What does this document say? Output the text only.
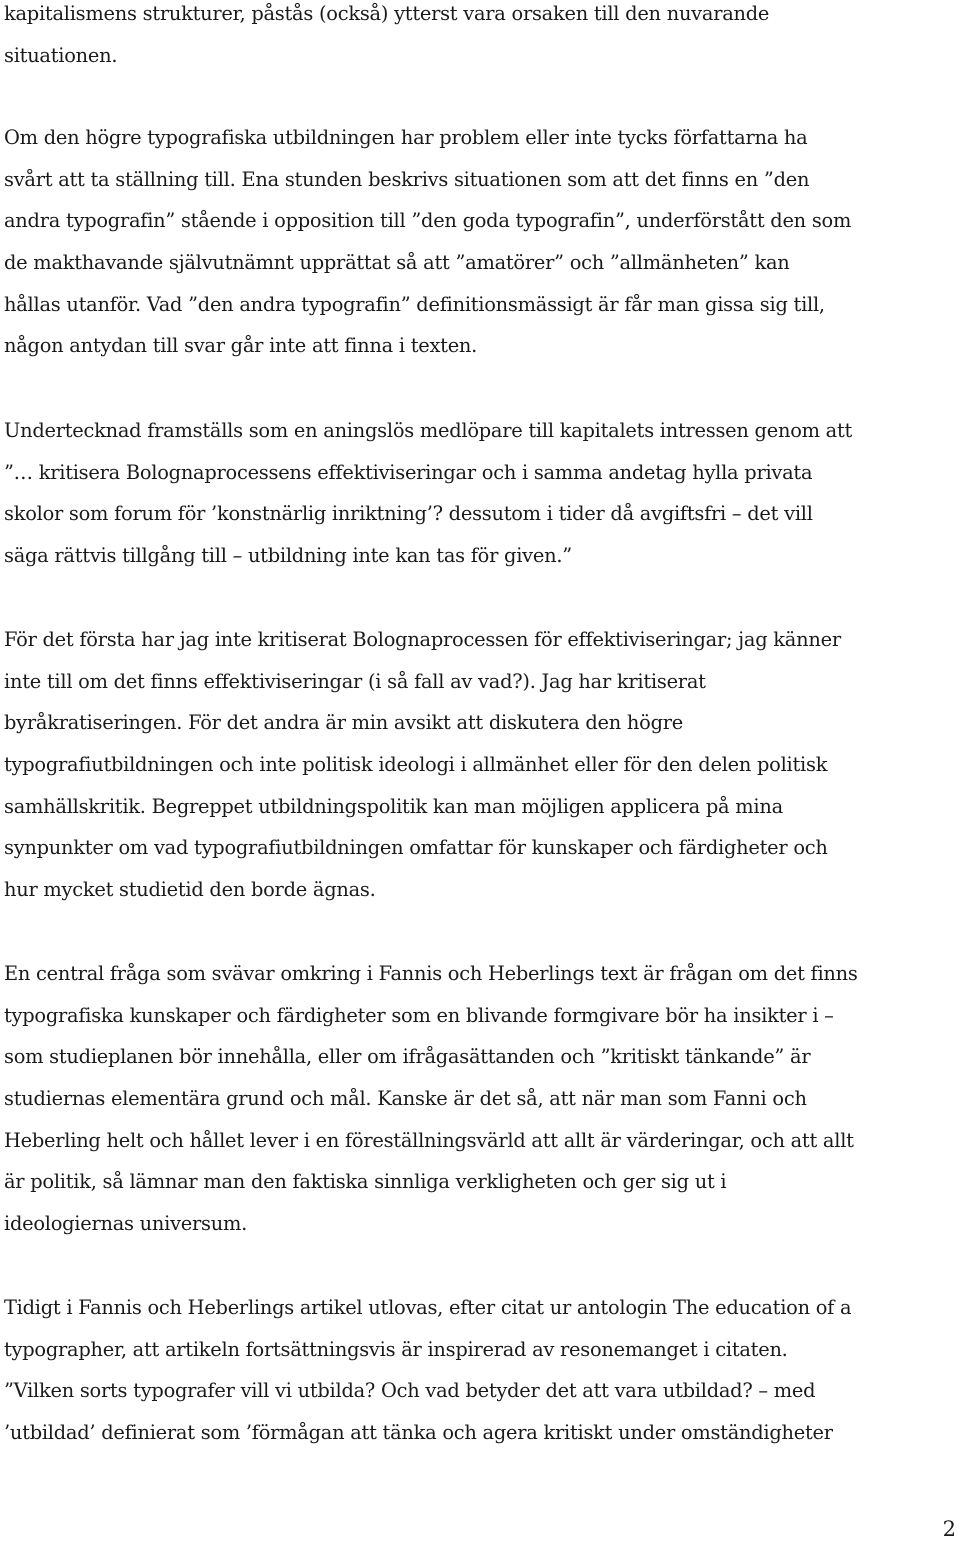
kapitalismens strukturer, påstås (också) ytterst vara orsaken till den nuvarande
situationen.
Om den högre typografiska utbildningen har problem eller inte tycks författarna ha
svårt att ta ställning till. Ena stunden beskrivs situationen som att det finns en ”den
andra typografin” stående i opposition till ”den goda typografin”, underförstått den som
de makthavande självutnämnt upprättat så att ”amatörer” och ”allmänheten” kan
hållas utanför. Vad ”den andra typografin” definitionsmässigt är får man gissa sig till,
någon antydan till svar går inte att finna i texten.
Undertecknad framställs som en aningslös medlöpare till kapitalets intressen genom att
”… kritisera Bolognaprocessens effektiviseringar och i samma andetag hylla privata
skolor som forum för ’konstnärlig inriktning’? dessutom i tider då avgiftsfri – det vill
säga rättvis tillgång till – utbildning inte kan tas för given.”
För det första har jag inte kritiserat Bolognaprocessen för effektiviseringar; jag känner
inte till om det finns effektiviseringar (i så fall av vad?). Jag har kritiserat
byråkratiseringen. För det andra är min avsikt att diskutera den högre
typografiutbildningen och inte politisk ideologi i allmänhet eller för den delen politisk
samhällskritik. Begreppet utbildningspolitik kan man möjligen applicera på mina
synpunkter om vad typografiutbildningen omfattar för kunskaper och färdigheter och
hur mycket studietid den borde ägnas.
En central fråga som svävar omkring i Fannis och Heberlings text är frågan om det finns
typografiska kunskaper och färdigheter som en blivande formgivare bör ha insikter i –
som studieplanen bör innehålla, eller om ifrågasättanden och ”kritiskt tänkande” är
studiernas elementära grund och mål. Kanske är det så, att när man som Fanni och
Heberling helt och hållet lever i en föreställningsvärld att allt är värderingar, och att allt
är politik, så lämnar man den faktiska sinnliga verkligheten och ger sig ut i
ideologiernas universum.
Tidigt i Fannis och Heberlings artikel utlovas, efter citat ur antologin The education of a
typographer, att artikeln fortsättningsvis är inspirerad av resonemanget i citaten.
”Vilken sorts typografer vill vi utbilda? Och vad betyder det att vara utbildad? – med
’utbildad’ definierat som ’förmågan att tänka och agera kritiskt under omständigheter
2
